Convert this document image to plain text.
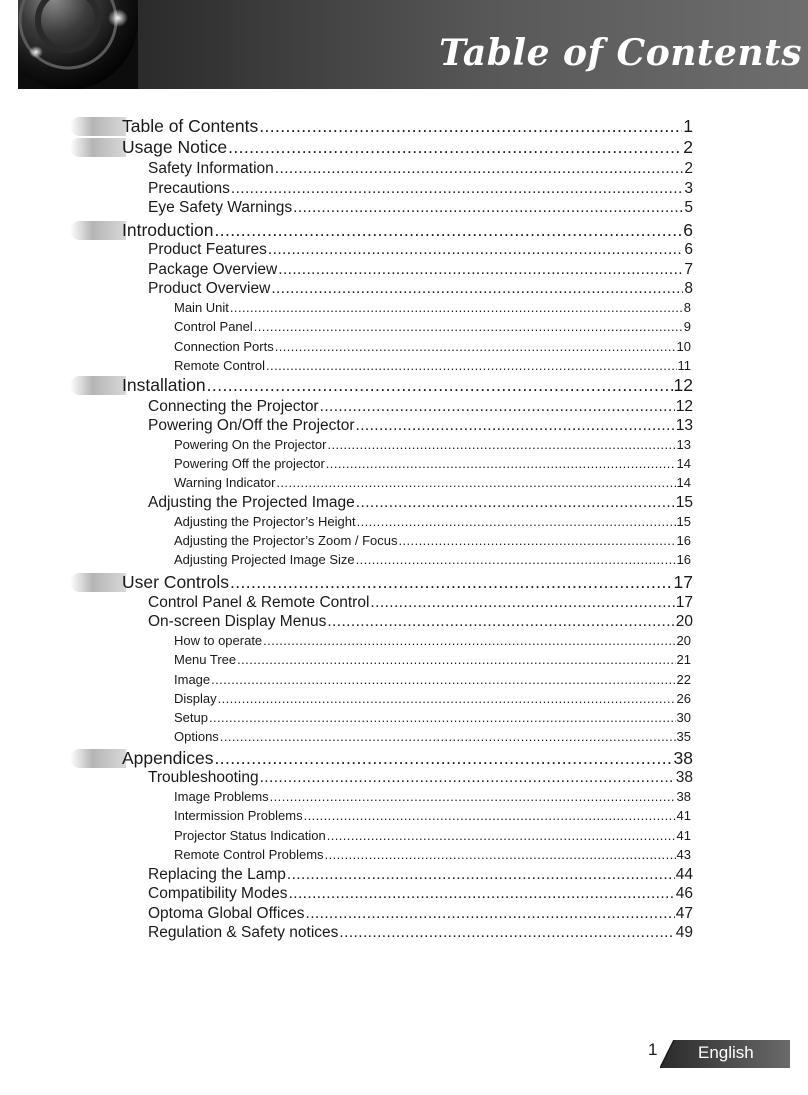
Table of Contents
Table of Contents .....	1
Usage Notice .....	2
Safety Information .....	2
Precautions .....	3
Eye Safety Warnings .....	5
Introduction .....	6
Product Features .....	6
Package Overview .....	7
Product Overview .....	8
Main Unit .....	8
Control Panel .....	9
Connection Ports .....	10
Remote Control .....	11
Installation .....	12
Connecting the Projector .....	12
Powering On/Off the Projector .....	13
Powering On the Projector .....	13
Powering Off the projector .....	14
Warning Indicator .....	14
Adjusting the Projected Image .....	15
Adjusting the Projector’s Height .....	15
Adjusting the Projector’s Zoom / Focus .....	16
Adjusting Projected Image Size .....	16
User Controls .....	17
Control Panel & Remote Control .....	17
On-screen Display Menus .....	20
How to operate .....	20
Menu Tree .....	21
Image .....	22
Display .....	26
Setup .....	30
Options .....	35
Appendices .....	38
Troubleshooting .....	38
Image Problems .....	38
Intermission Problems .....	41
Projector Status Indication .....	41
Remote Control Problems .....	43
Replacing the Lamp .....	44
Compatibility Modes .....	46
Optoma Global Offices .....	47
Regulation & Safety notices .....	49
1 English
